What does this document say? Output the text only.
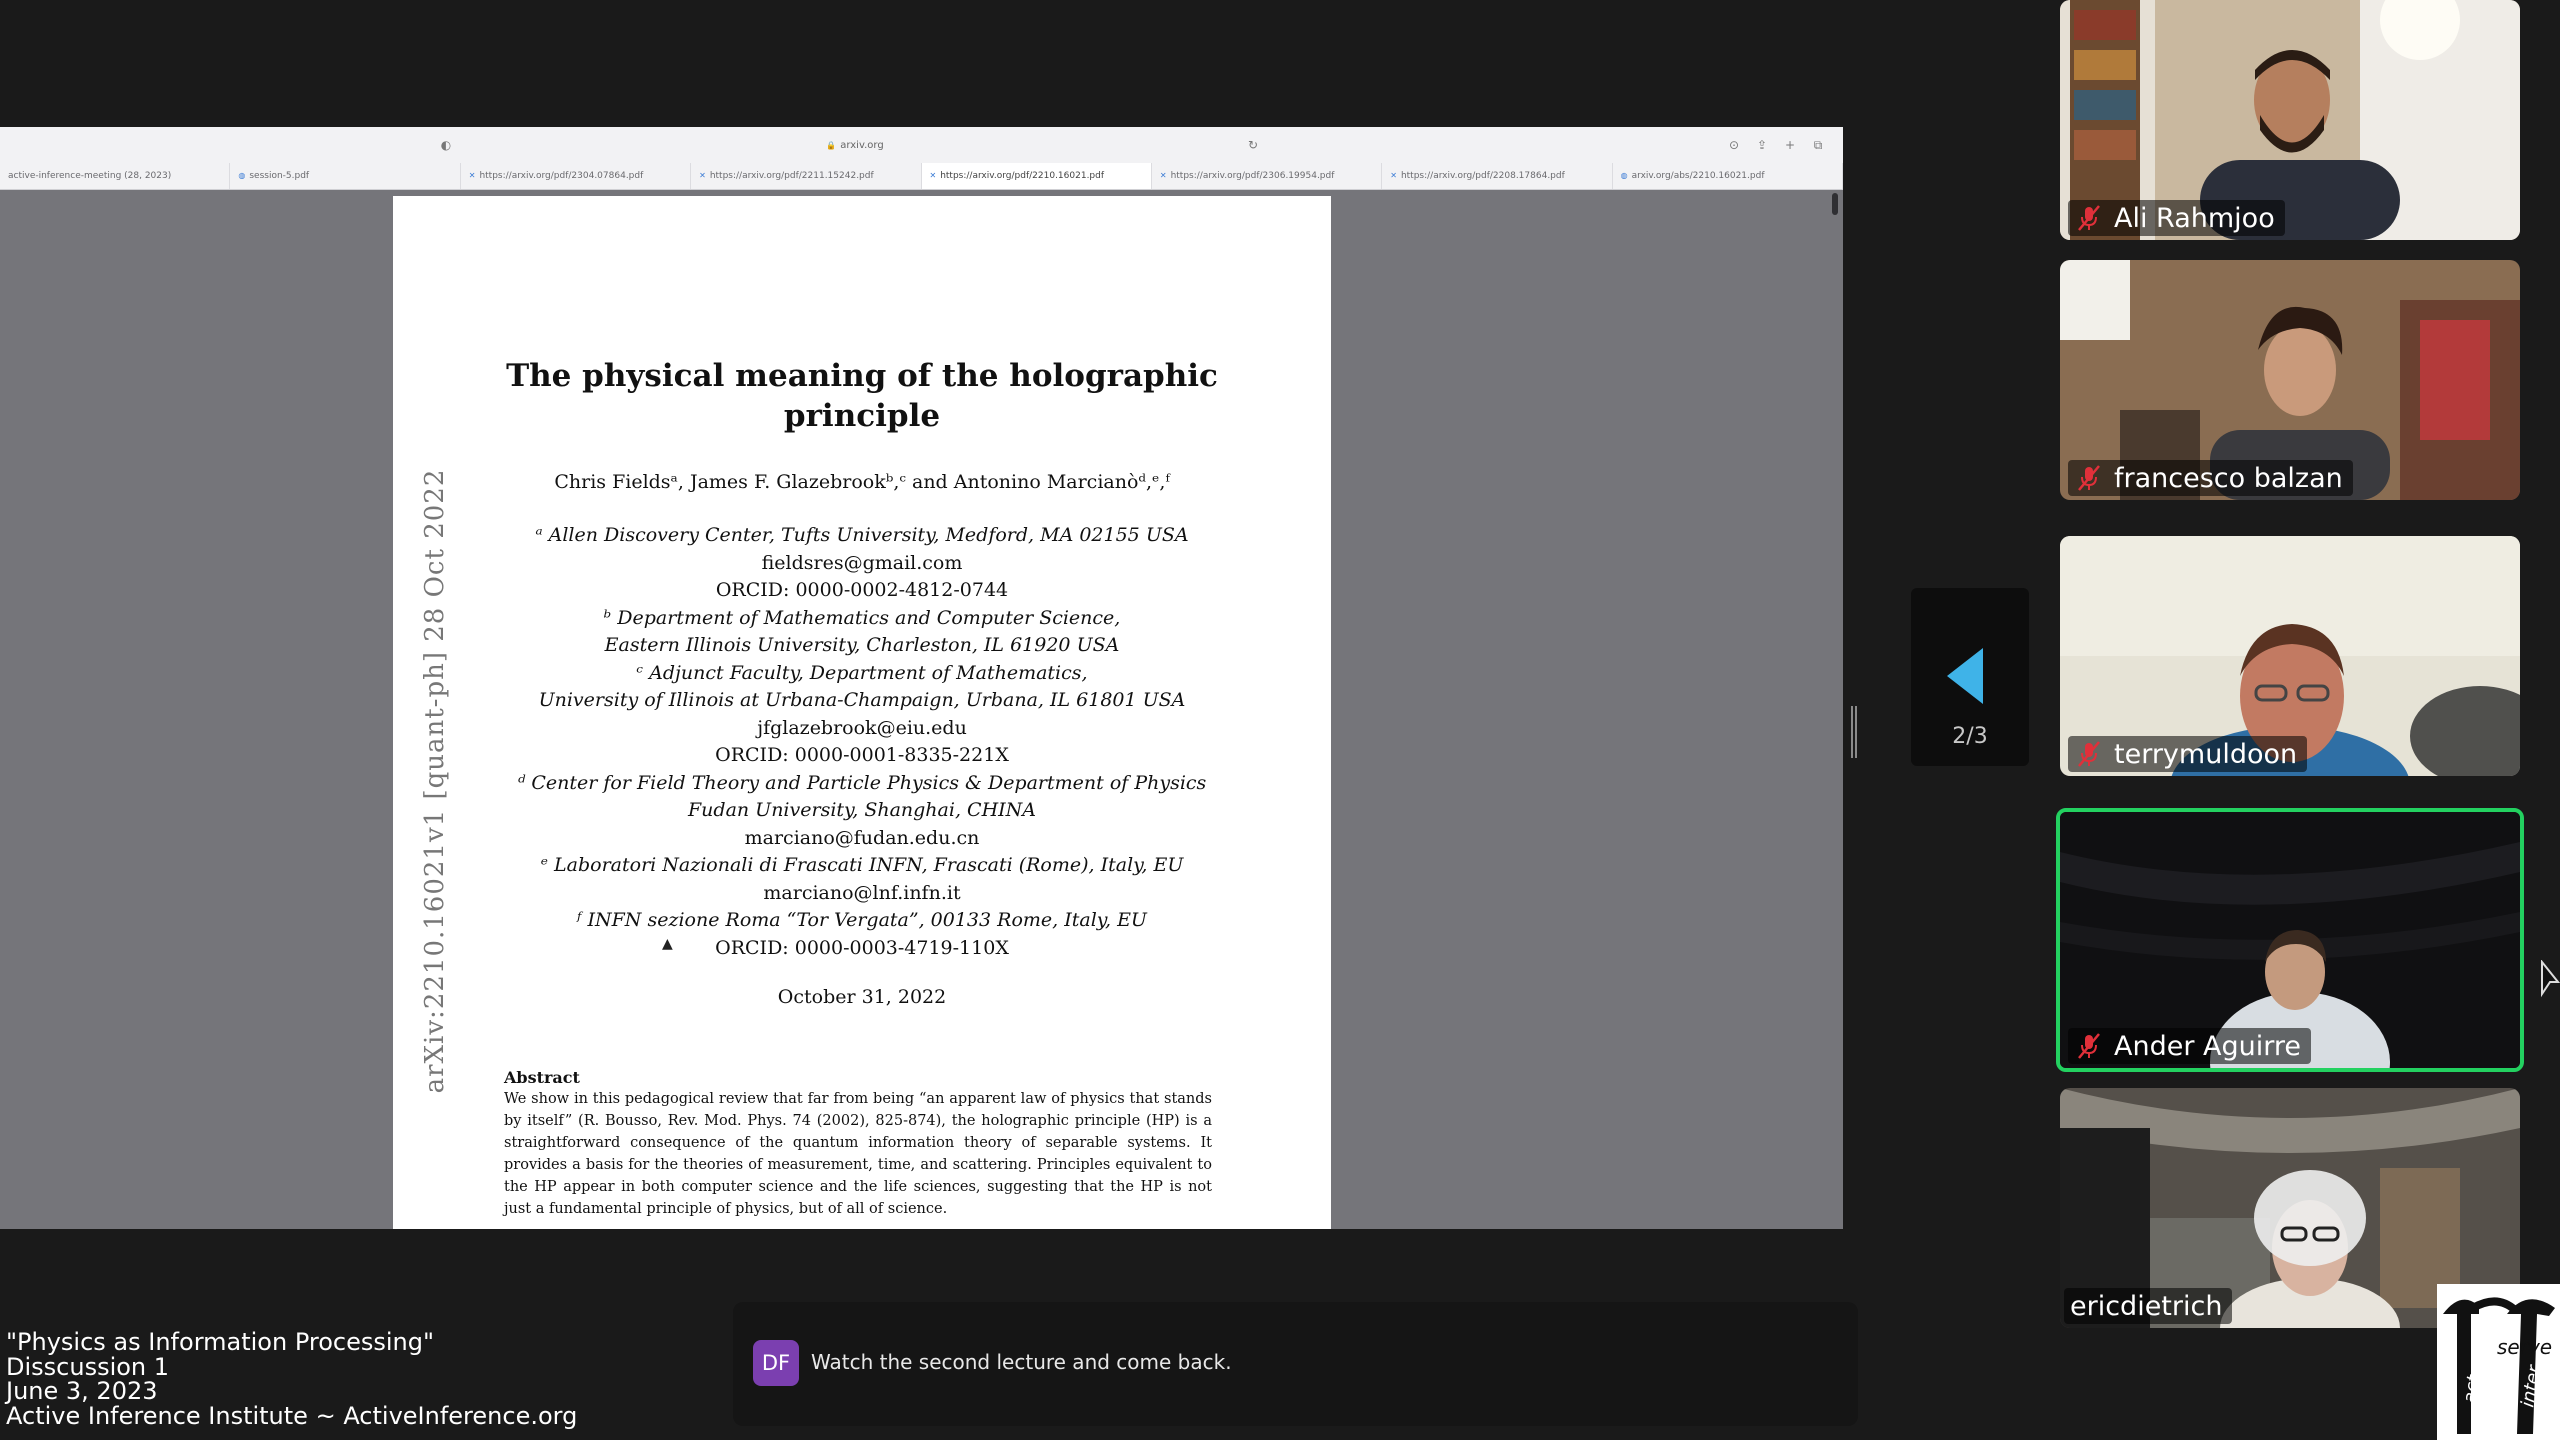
◐	🔒 arxiv.org	↻	⊙ ⇪ +	⧉
active-inference-meeting (28, 2023)	◍ session-5.pdf	✕ https://arxiv.org/pdf/2304.07864.pdf	✕ https://arxiv.org/pdf/2211.15242.pdf	✕ https://arxiv.org/pdf/2210.16021.pdf	✕ https://arxiv.org/pdf/2306.19954.pdf	✕ https://arxiv.org/pdf/2208.17864.pdf	◍ arxiv.org/abs/2210.16021.pdf
arXiv:2210.16021v1 [quant-ph] 28 Oct 2022
The physical meaning of the holographic
principle
Chris Fieldsᵃ, James F. Glazebrookᵇ,ᶜ and Antonino Marcianòᵈ,ᵉ,ᶠ
ᵃ Allen Discovery Center, Tufts University, Medford, MA 02155 USA
fieldsres@gmail.com
ORCID: 0000-0002-4812-0744
ᵇ Department of Mathematics and Computer Science,
Eastern Illinois University, Charleston, IL 61920 USA
ᶜ Adjunct Faculty, Department of Mathematics,
University of Illinois at Urbana-Champaign, Urbana, IL 61801 USA
jfglazebrook@eiu.edu
ORCID: 0000-0001-8335-221X
ᵈ Center for Field Theory and Particle Physics & Department of Physics
Fudan University, Shanghai, CHINA
marciano@fudan.edu.cn
ᵉ Laboratori Nazionali di Frascati INFN, Frascati (Rome), Italy, EU
marciano@lnf.infn.it
ᶠ INFN sezione Roma “Tor Vergata”, 00133 Rome, Italy, EU
ORCID: 0000-0003-4719-110X
October 31, 2022
Abstract
We show in this pedagogical review that far from being “an apparent law of physics that stands by itself” (R. Bousso, Rev. Mod. Phys. 74 (2002), 825-874), the holographic principle (HP) is a straightforward consequence of the quantum information theory of separable systems. It provides a basis for the theories of measurement, time, and scattering. Principles equivalent to the HP appear in both computer science and the life sciences, suggesting that the HP is not just a fundamental principle of physics, but of all of science.
▲
2/3
Ali Rahmjoo
francesco balzan
terrymuldoon
Ander Aguirre
ericdietrich
DF	Watch the second lecture and come back.
"Physics as Information Processing"
Disscussion 1
June 3, 2023
Active Inference Institute ~ ActiveInference.org
serve
act inter
